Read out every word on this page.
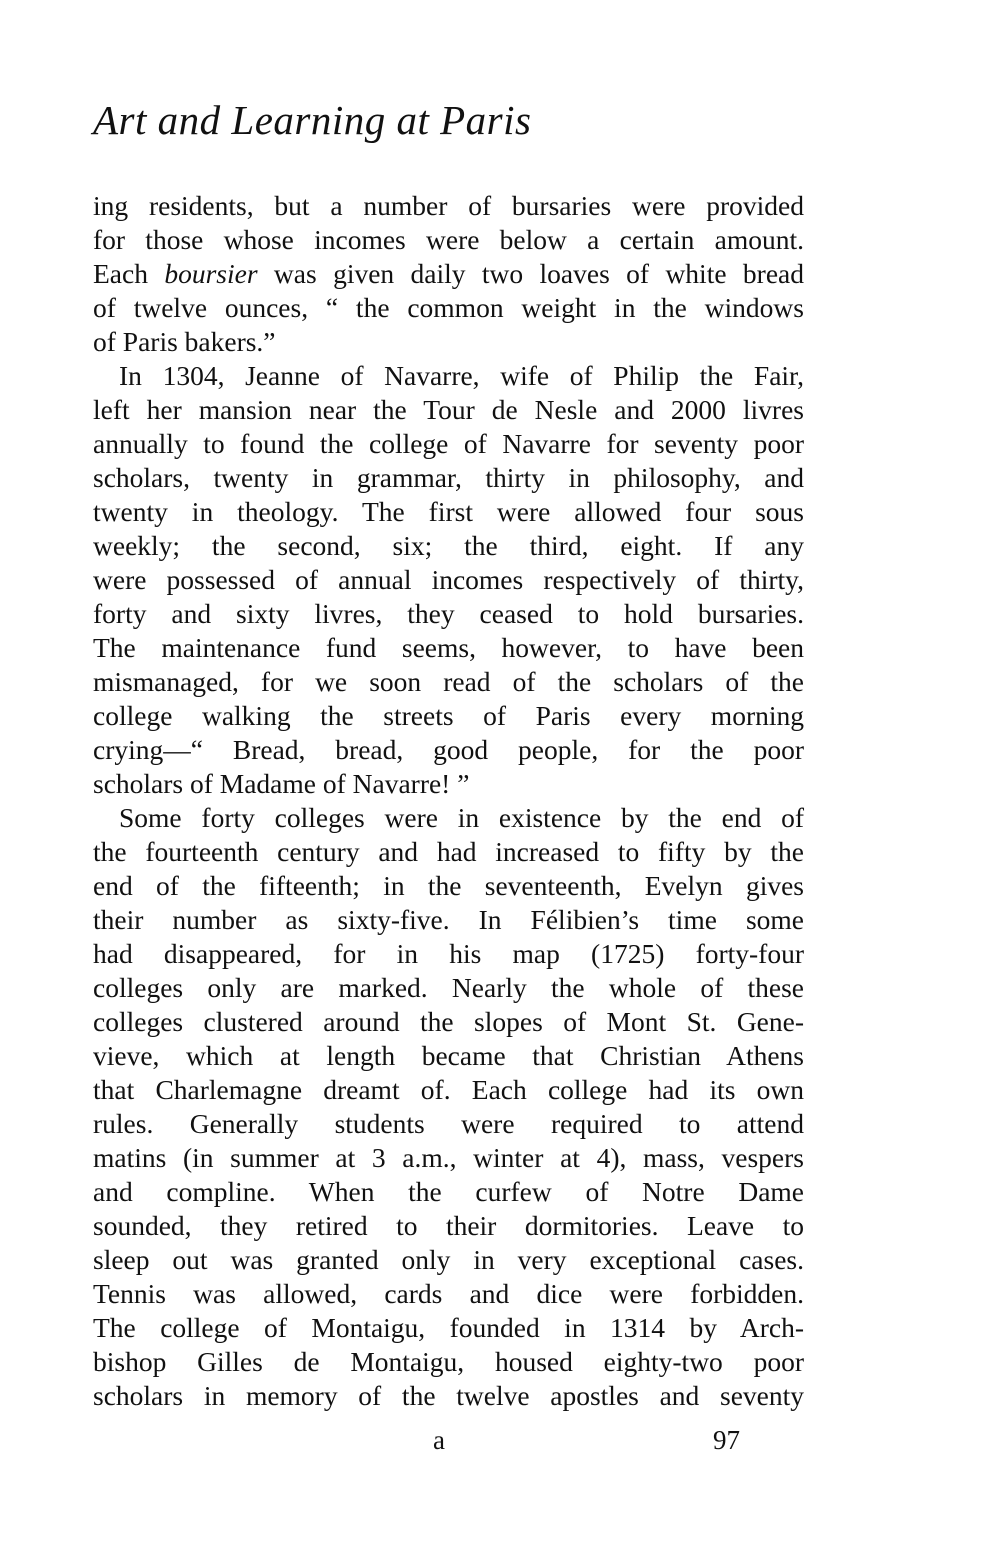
Art and Learning at Paris
ing residents, but a number of bursaries were provided
for those whose incomes were below a certain amount.
Each boursier was given daily two loaves of white bread
of twelve ounces, “ the common weight in the windows
of Paris bakers.”
In 1304, Jeanne of Navarre, wife of Philip the Fair,
left her mansion near the Tour de Nesle and 2000 livres
annually to found the college of Navarre for seventy poor
scholars, twenty in grammar, thirty in philosophy, and
twenty in theology. The first were allowed four sous
weekly; the second, six; the third, eight. If any
were possessed of annual incomes respectively of thirty,
forty and sixty livres, they ceased to hold bursaries.
The maintenance fund seems, however, to have been
mismanaged, for we soon read of the scholars of the
college walking the streets of Paris every morning
crying—“ Bread, bread, good people, for the poor
scholars of Madame of Navarre! ”
Some forty colleges were in existence by the end of
the fourteenth century and had increased to fifty by the
end of the fifteenth; in the seventeenth, Evelyn gives
their number as sixty-five. In Félibien’s time some
had disappeared, for in his map (1725) forty-four
colleges only are marked. Nearly the whole of these
colleges clustered around the slopes of Mont St. Gene-
vieve, which at length became that Christian Athens
that Charlemagne dreamt of. Each college had its own
rules. Generally students were required to attend
matins (in summer at 3 a.m., winter at 4), mass, vespers
and compline. When the curfew of Notre Dame
sounded, they retired to their dormitories. Leave to
sleep out was granted only in very exceptional cases.
Tennis was allowed, cards and dice were forbidden.
The college of Montaigu, founded in 1314 by Arch-
bishop Gilles de Montaigu, housed eighty-two poor
scholars in memory of the twelve apostles and seventy
a	97
